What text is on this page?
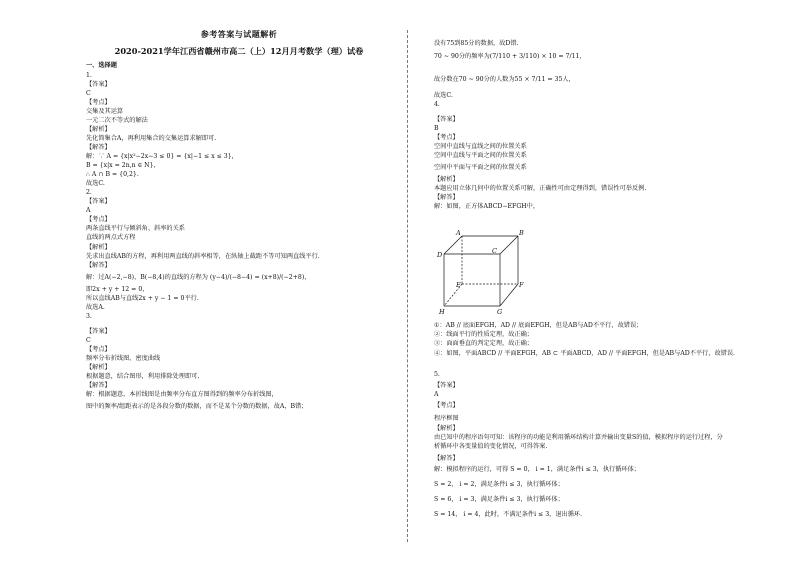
参考答案与试题解析
2020-2021学年江西省赣州市高二（上）12月月考数学（理）试卷
一、选择题
1.
【答案】
C
【考点】
交集及其运算
一元二次不等式的解法
【解析】
先化简集合A，再利用集合的交集运算求解即可.
【解答】
解：∵ A = {x|x²−2x−3 ≤ 0} = {x|−1 ≤ x ≤ 3}，
B = {x|x = 2n,n ∈ N}，
∴ A ∩ B = {0,2}.
故选C.
2.
【答案】
A
【考点】
两条直线平行与倾斜角、斜率的关系
直线的两点式方程
【解析】
先求出直线AB的方程，再利用两直线的斜率相等，在纵轴上截距不等可知两直线平行.
【解答】
解：过A(−2,−8)，B(−8,4)的直线的方程为 (y−4)/(−8−4) = (x+8)/(−2+8)，
即2x + y + 12 = 0，
所以直线AB与直线2x + y − 1 = 0平行.
故选A.
3.
【答案】
C
【考点】
频率分布折线图、密度曲线
【解析】
根据题意，结合图形，利用排除处理即可.
【解答】
解：根据题意，本折线图是由频率分布直方图得到的频率分布折线图，
图中的频率/组距表示的是各段分数的数据，而不是某个分数的数据，故A，B错；
没有75到85分的数据，故D错.
70 ~ 90分的频率为(7/110 + 3/110) × 10 = 7/11，
故分数在70 ~ 90分的人数为55 × 7/11 = 35人，
故选C.
4.
【答案】
B
【考点】
空间中直线与直线之间的位置关系
空间中直线与平面之间的位置关系
空间中平面与平面之间的位置关系
【解析】
本题应用立体几何中的位置关系可解，正确性可由定理得到，错误性可举反例.
【解答】
解：如图，正方体ABCD−EFGH中，
A	B
C
D
E	F
G
H
①：AB // 底面EFGH，AD // 底面EFGH，但是AB与AD不平行，故错误；
②：线面平行的性质定理，故正确；
③：面面垂直的判定定理，故正确；
④：如图，平面ABCD // 平面EFGH，AB ⊂ 平面ABCD，AD // 平面EFGH，但是AB与AD不平行，故错误.
5.
【答案】
A
【考点】
程序框图
【解析】
由已知中的程序语句可知：该程序的功能是利用循环结构计算并输出变量S的值，模拟程序的运行过程，分
析循环中各变量值的变化情况，可得答案.
【解答】
解：模拟程序的运行，可得 S = 0， i = 1，满足条件i ≤ 3，执行循环体；
S = 2， i = 2，满足条件i ≤ 3，执行循环体；
S = 6， i = 3，满足条件i ≤ 3，执行循环体；
S = 14， i = 4，此时，不满足条件i ≤ 3，退出循环.
